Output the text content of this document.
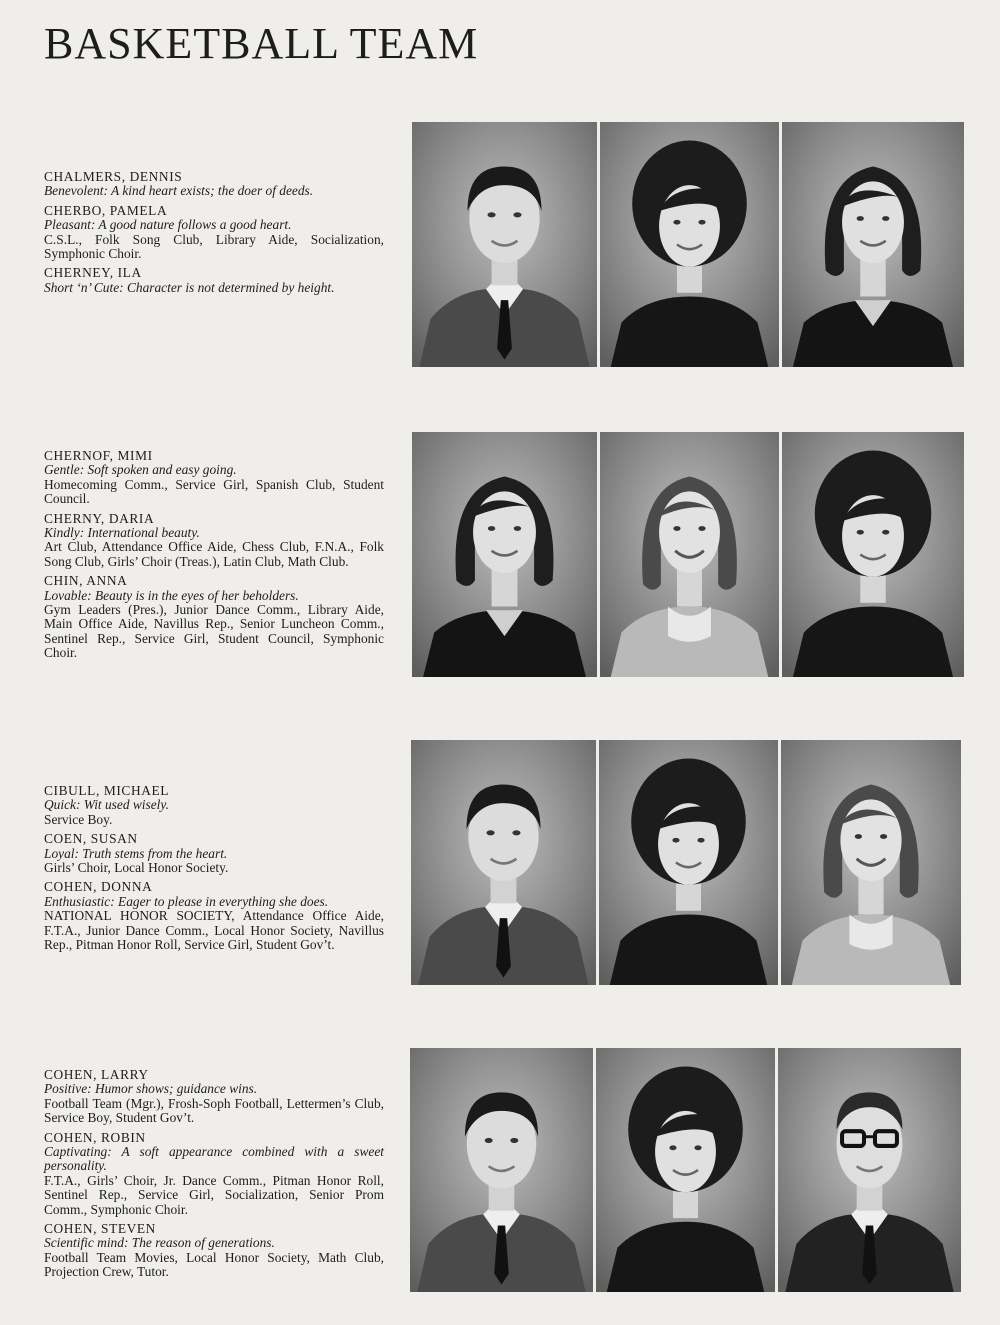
BASKETBALL TEAM
CHALMERS, DENNIS
Benevolent: A kind heart exists; the doer of deeds.
CHERBO, PAMELA
Pleasant: A good nature follows a good heart.
C.S.L., Folk Song Club, Library Aide, Socialization, Symphonic Choir.
CHERNEY, ILA
Short ‘n’ Cute: Character is not determined by height.
CHERNOF, MIMI
Gentle: Soft spoken and easy going.
Homecoming Comm., Service Girl, Spanish Club, Student Council.
CHERNY, DARIA
Kindly: International beauty.
Art Club, Attendance Office Aide, Chess Club, F.N.A., Folk Song Club, Girls’ Choir (Treas.), Latin Club, Math Club.
CHIN, ANNA
Lovable: Beauty is in the eyes of her beholders.
Gym Leaders (Pres.), Junior Dance Comm., Library Aide, Main Office Aide, Navillus Rep., Senior Luncheon Comm., Sentinel Rep., Service Girl, Student Council, Symphonic Choir.
CIBULL, MICHAEL
Quick: Wit used wisely.
Service Boy.
COEN, SUSAN
Loyal: Truth stems from the heart.
Girls’ Choir, Local Honor Society.
COHEN, DONNA
Enthusiastic: Eager to please in everything she does.
NATIONAL HONOR SOCIETY, Attendance Office Aide, F.T.A., Junior Dance Comm., Local Honor Society, Navillus Rep., Pitman Honor Roll, Service Girl, Student Gov’t.
COHEN, LARRY
Positive: Humor shows; guidance wins.
Football Team (Mgr.), Frosh-Soph Football, Lettermen’s Club, Service Boy, Student Gov’t.
COHEN, ROBIN
Captivating: A soft appearance combined with a sweet personality.
F.T.A., Girls’ Choir, Jr. Dance Comm., Pitman Honor Roll, Sentinel Rep., Service Girl, Socialization, Senior Prom Comm., Symphonic Choir.
COHEN, STEVEN
Scientific mind: The reason of generations.
Football Team Movies, Local Honor Society, Math Club, Projection Crew, Tutor.
